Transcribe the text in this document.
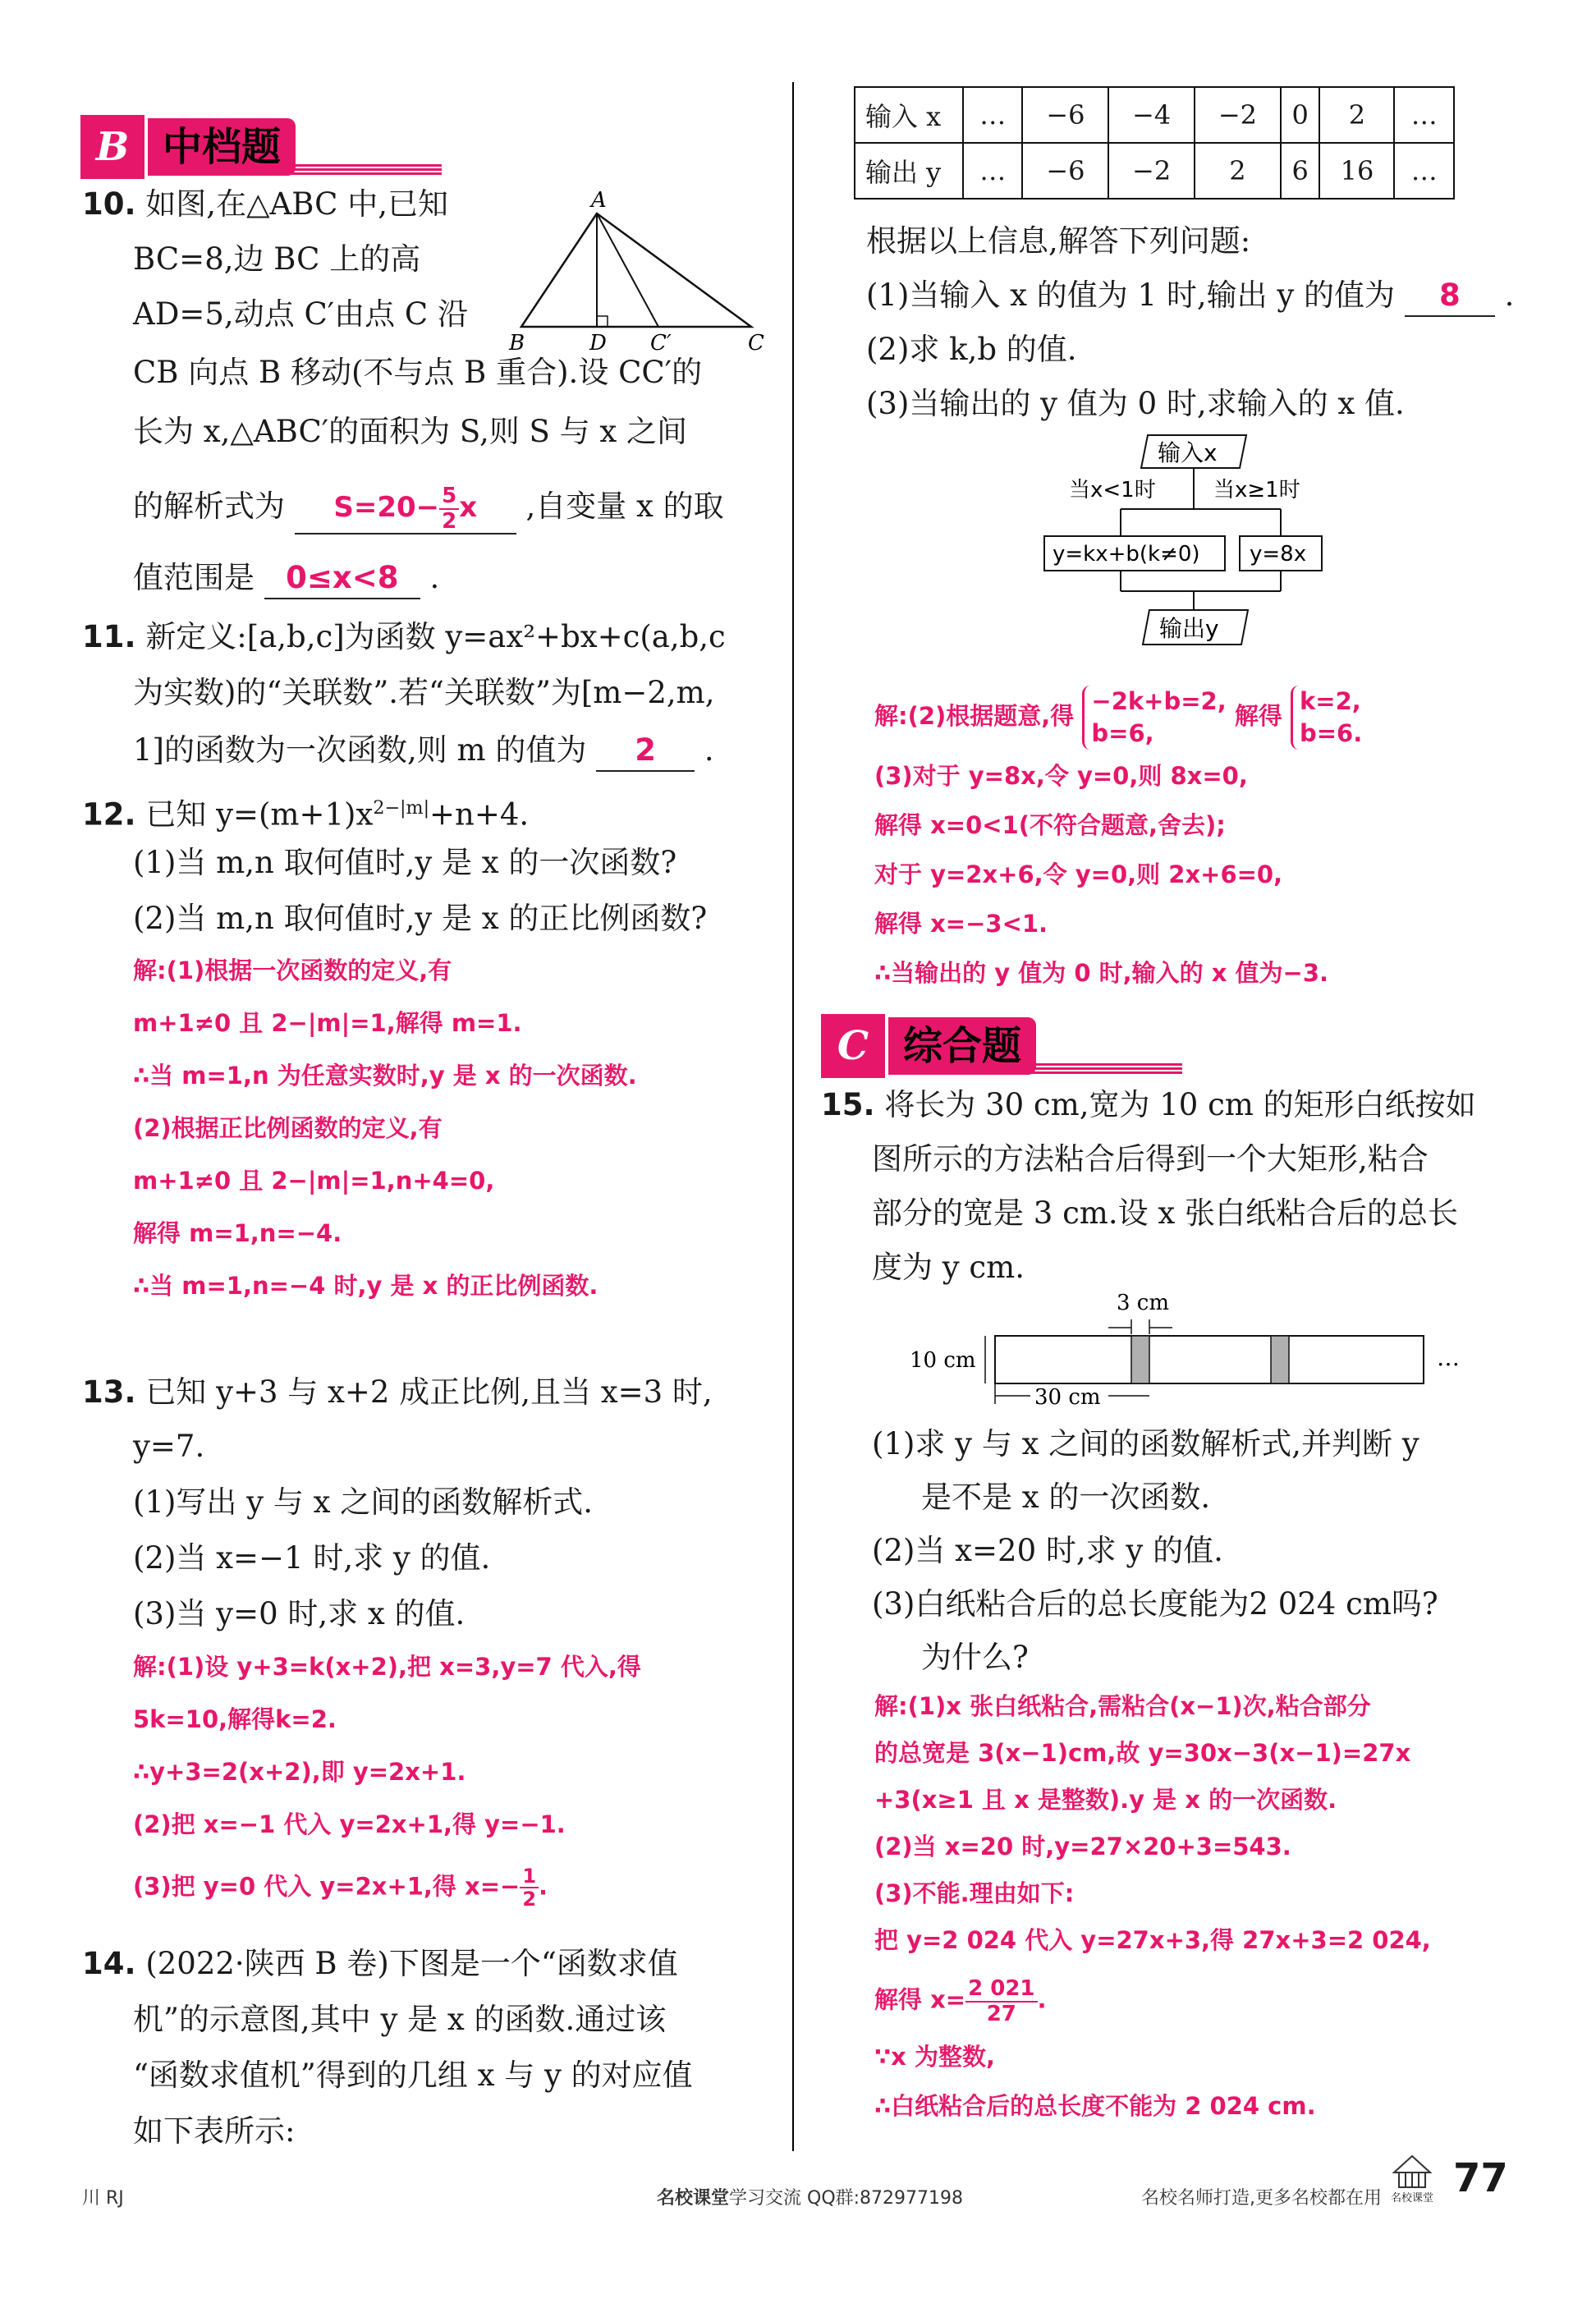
B 中档题
10. 如图,在△ABC 中,已知
BC=8,边 BC 上的高
AD=5,动点 C′由点 C 沿
CB 向点 B 移动(不与点 B 重合).设 CC′的
长为 x,△ABC′的面积为 S,则 S 与 x 之间
的解析式为 $S=20- \frac{5}{2}$ x ,自变量 x 的取
值范围是 0≤x<8 .
A
B	D C′	C
11. 新定义:[a,b,c]为函数 y=ax²+bx+c(a,b,c
为实数)的“关联数”.若“关联数”为[m−2,m,
1]的函数为一次函数,则 m 的值为 2 .
12. 已知 $y=(m+1)x^{2-|m|}+n+4$.
(1)当 m,n 取何值时,y 是 x 的一次函数?
(2)当 m,n 取何值时,y 是 x 的正比例函数?
解:(1)根据一次函数的定义,有
m+1≠0 且 2−|m|=1,解得 m=1.
∴当 m=1,n 为任意实数时,y 是 x 的一次函数.
(2)根据正比例函数的定义,有
m+1≠0 且 2−|m|=1,n+4=0,
解得 m=1,n=−4.
∴当 m=1,n=−4 时,y 是 x 的正比例函数.
13. 已知 y+3 与 x+2 成正比例,且当 x=3 时,
y=7.
(1)写出 y 与 x 之间的函数解析式.
(2)当 x=−1 时,求 y 的值.
(3)当 y=0 时,求 x 的值.
解:(1)设 y+3=k(x+2),把 x=3,y=7 代入,得
5k=10,解得k=2.
∴y+3=2(x+2),即 y=2x+1.
(2)把 x=−1 代入 y=2x+1,得 y=−1.
(3)把 y=0 代入 y=2x+1,得 $x=- \frac{1}{2}$ .
14. (2022·陕西 B 卷)下图是一个“函数求值
机”的示意图,其中 y 是 x 的函数.通过该
“函数求值机”得到的几组 x 与 y 的对应值
如下表所示:
输入 x	…	−6	−4	−2	0	2	…
输出 y	…	−6	−2	2	6	16	…
根据以上信息,解答下列问题:
(1)当输入 x 的值为 1 时,输出 y 的值为 8 .
(2)求 k,b 的值.
(3)当输出的 y 值为 0 时,求输入的 x 值.
输入x
当x<1时	当x≥1时
y=kx+b(k≠0) y=8x
输出y
解:(2)根据题意,得
−2k+b=2,
b=6,
解得
k=2,
b=6.
(3)对于 y=8x,令 y=0,则 8x=0,
解得 x=0<1(不符合题意,舍去);
对于 y=2x+6,令 y=0,则 2x+6=0,
解得 x=−3<1.
∴当输出的 y 值为 0 时,输入的 x 值为−3.
C 综合题
15. 将长为 30 cm,宽为 10 cm 的矩形白纸按如
图所示的方法粘合后得到一个大矩形,粘合
部分的宽是 3 cm.设 x 张白纸粘合后的总长
度为 y cm.
3 cm
10 cm
30 cm
…
(1)求 y 与 x 之间的函数解析式,并判断 y
是不是 x 的一次函数.
(2)当 x=20 时,求 y 的值.
(3)白纸粘合后的总长度能为2 024 cm吗?
为什么?
解:(1)x 张白纸粘合,需粘合(x−1)次,粘合部分
的总宽是 3(x−1)cm,故 y=30x−3(x−1)=27x
+3(x≥1 且 x 是整数).y 是 x 的一次函数.
(2)当 x=20 时,y=27×20+3=543.
(3)不能.理由如下:
把 y=2 024 代入 y=27x+3,得 27x+3=2 024,
解得 $x= \frac{2 021}{27}$ .
∵x 为整数,
∴白纸粘合后的总长度不能为 2 024 cm.
川 RJ	名校课堂学习交流 QQ群:872977198	名校名师打造,更多名校都在用 名校课堂 77
